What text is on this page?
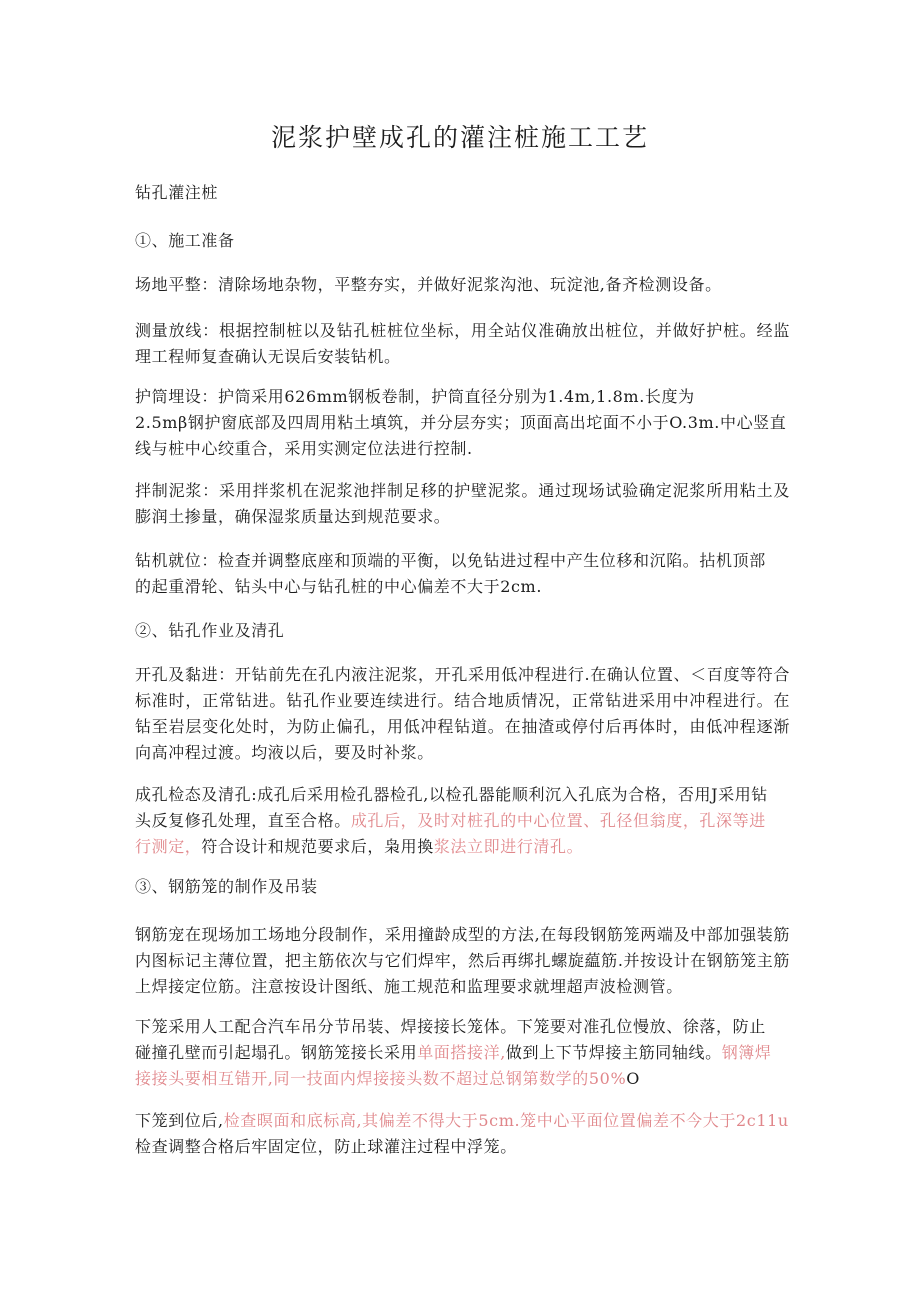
泥浆护壁成孔的灌注桩施工工艺

钻孔灌注桩

①、施工准备

场地平整：清除场地杂物，平整夯实，并做好泥浆沟池、玩淀池,备齐检测设备。

测量放线：根据控制桩以及钻孔桩桩位坐标，用全站仪准确放出桩位，并做好护桩。经监理工程师复查确认无误后安装钻机。

护筒埋设：护筒采用626mm钢板卷制，护筒直径分别为1.4m,1.8m.长度为
2.5mβ钢护窗底部及四周用粘土填筑，并分层夯实；顶面高出坨面不小于O.3m.中心竖直
线与桩中心绞重合，采用实测定位法进行控制.

拌制泥浆：采用拌浆机在泥浆池拌制足移的护壁泥浆。通过现场试验确定泥浆所用粘土及膨润土掺量，确保湿浆质量达到规范要求。

钻机就位：检查并调整底座和顶端的平衡，以免钻进过程中产生位移和沉陷。拈机顶部
的起重滑轮、钻头中心与钻孔桩的中心偏差不大于2cm.

②、钻孔作业及清孔

开孔及黏进：开钻前先在孔内液注泥浆，开孔采用低冲程进行.在确认位置、＜百度等符合标准时，正常钻进。钻孔作业要连续进行。结合地质情况，正常钻进采用中冲程进行。在钻至岩层变化处时，为防止偏孔，用低冲程钻道。在抽渣或停付后再体时，由低冲程逐渐向高冲程过渡。均液以后，要及时补浆。

成孔检态及清孔:成孔后采用检孔器检孔,以检孔器能顺利沉入孔底为合格，否用J采用钻
头反复修孔处理，直至合格。成孔后，及时对桩孔的中心位置、孔径但翁度，孔深等进
行测定，符合设计和规范要求后，枭用換浆法立即进行清孔。

③、钢筋笼的制作及吊装

钢筋宠在现场加工场地分段制作，采用撞龄成型的方法,在每段钢筋笼两端及中部加强装筋内图标记主薄位置，把主筋依次与它们焊牢，然后再绑扎螺旋藴筋.并按设计在钢筋笼主筋上焊接定位筋。注意按设计图纸、施工规范和监理要求就埋超声波检测管。

下笼采用人工配合汽车吊分节吊装、焊接接长笼体。下笼要对准孔位慢放、徐落，防止
碰撞孔壁而引起塌孔。钢筋笼接长采用单面搭接洋,做到上下节焊接主筋同轴线。钢簿焊
接接头要相互错开,同一技面内焊接接头数不超过总钢第数学的50%O

下笼到位后,检查暝面和底标高,其偏差不得大于5cm.笼中心平面位置偏差不今大于2c11u
检查调整合格后牢固定位，防止球灌注过程中浮笼。
